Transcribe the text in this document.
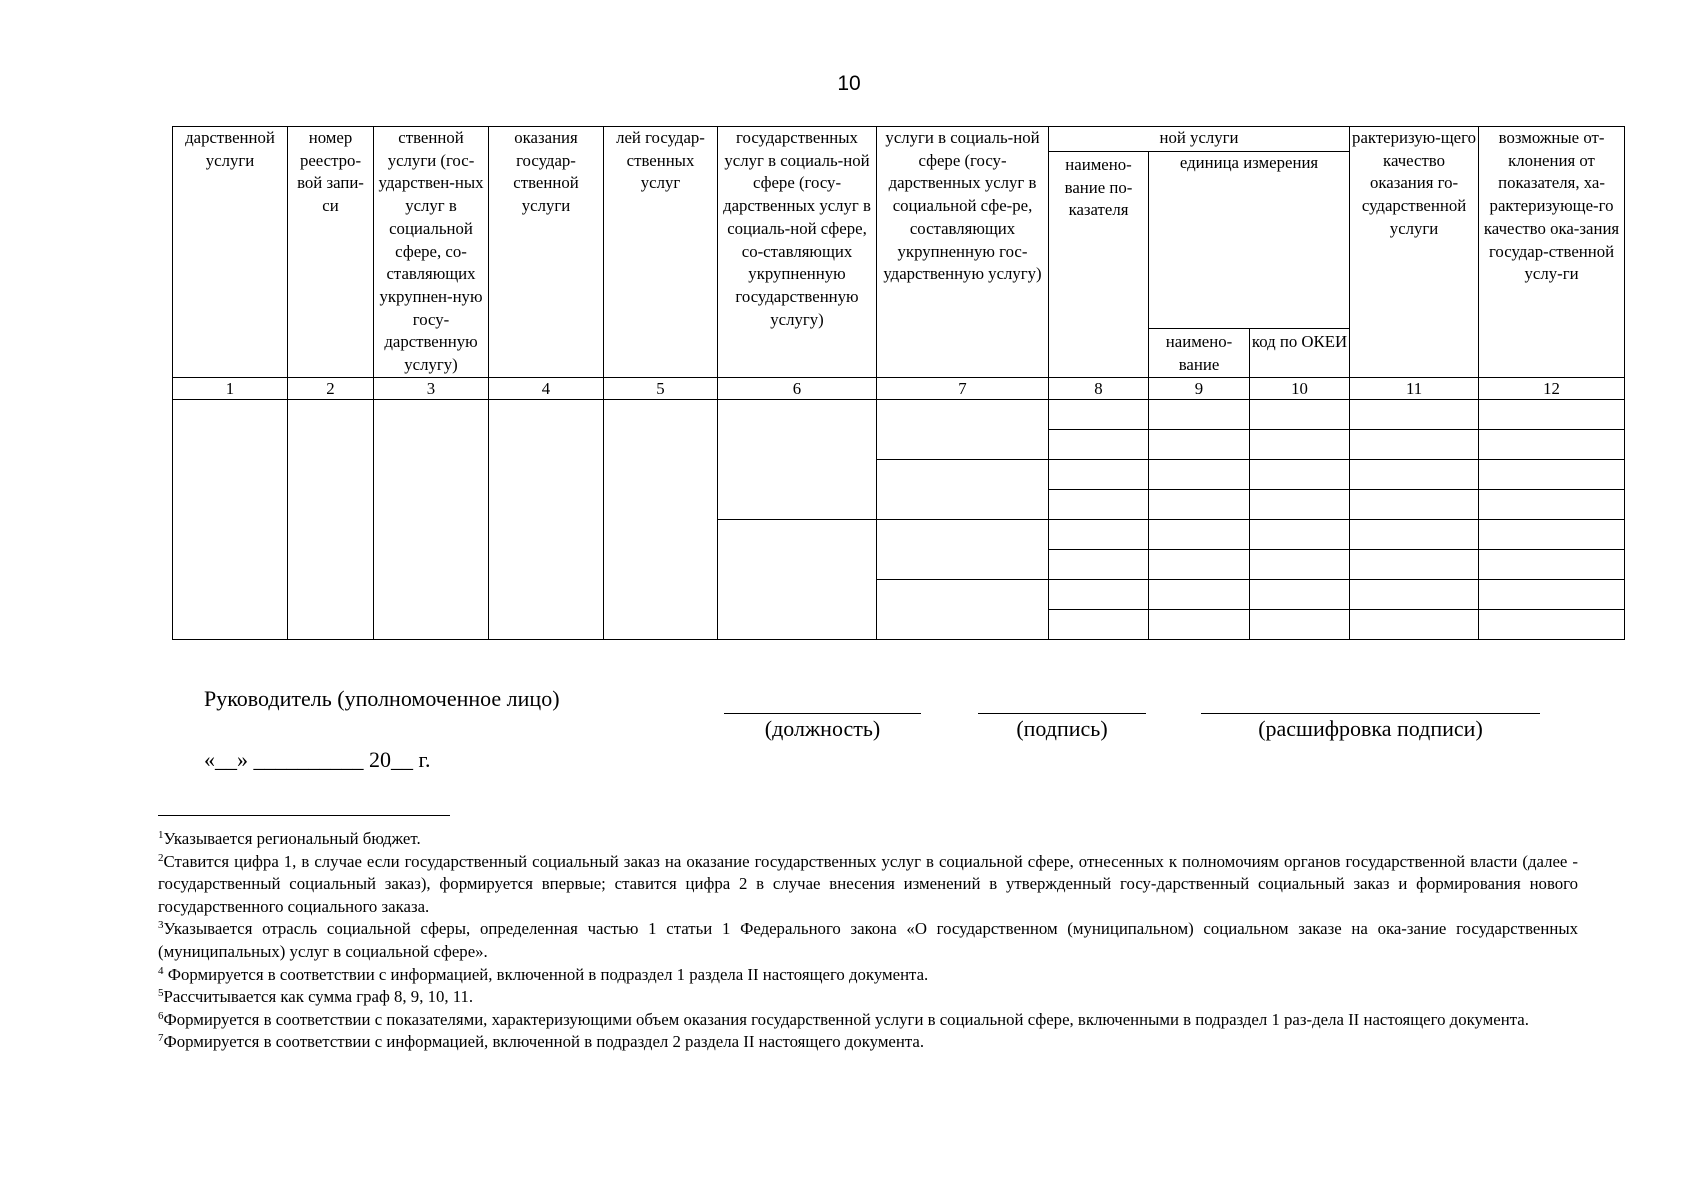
10
дарственной услуги	номер реестро-вой запи-си	ственной услуги (гос-ударствен-ных услуг в социальной сфере, со-ставляющих укрупнен-ную госу-дарственную услугу)	оказания государ-ственной услуги	лей государ-ственных услуг	государственных услуг в социаль-ной сфере (госу-дарственных услуг в социаль-ной сфере, со-ставляющих укрупненную государственную услугу)	услуги в социаль-ной сфере (госу-дарственных услуг в социальной сфе-ре, составляющих укрупненную гос-ударственную услугу)	ной услуги			рактеризую-щего качество оказания го-сударственной услуги	возможные от-клонения от показателя, ха-рактеризующе-го качество ока-зания государ-ственной услу-ги

							наимено-вание по-казателя	единица измерения			

								наимено-вание	код по ОКЕИ		

1	2	3	4	5	6	7	8	9	10	11	12

Руководитель (уполномоченное лицо)
(должность)	(подпись)	(расшифровка подписи)
«__» __________ 20__ г.
$^1$Указывается региональный бюджет.
$^2$Ставится цифра 1, в случае если государственный социальный заказ на оказание государственных услуг в социальной сфере, отнесенных к полномочиям органов государственной власти (далее - государственный социальный заказ), формируется впервые; ставится цифра 2 в случае внесения изменений в утвержденный госу-дарственный социальный заказ и формирования нового государственного социального заказа.
$^3$Указывается отрасль социальной сферы, определенная частью 1 статьи 1 Федерального закона «О государственном (муниципальном) социальном заказе на ока-зание государственных (муниципальных) услуг в социальной сфере».
$^4$ Формируется в соответствии с информацией, включенной в подраздел 1 раздела II настоящего документа.
$^5$Рассчитывается как сумма граф 8, 9, 10, 11.
$^6$Формируется в соответствии с показателями, характеризующими объем оказания государственной услуги в социальной сфере, включенными в подраздел 1 раз-дела II настоящего документа.
$^7$Формируется в соответствии с информацией, включенной в подраздел 2 раздела II настоящего документа.
